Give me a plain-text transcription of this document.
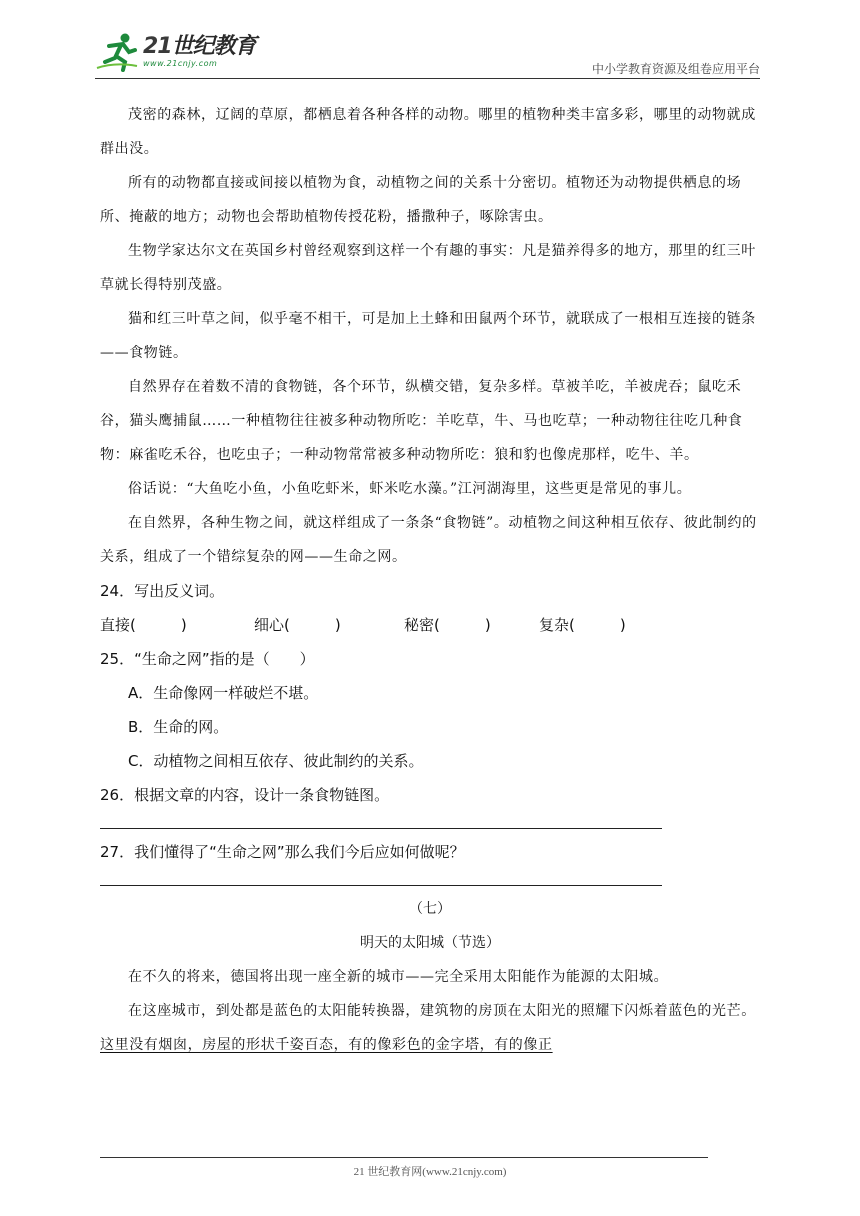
21世纪教育
www.21cnjy.com	中小学教育资源及组卷应用平台

茂密的森林，辽阔的草原，都栖息着各种各样的动物。哪里的植物种类丰富多彩，哪里的动物就成群出没。

所有的动物都直接或间接以植物为食，动植物之间的关系十分密切。植物还为动物提供栖息的场所、掩蔽的地方；动物也会帮助植物传授花粉，播撒种子，啄除害虫。

生物学家达尔文在英国乡村曾经观察到这样一个有趣的事实：凡是猫养得多的地方，那里的红三叶草就长得特别茂盛。

猫和红三叶草之间，似乎毫不相干，可是加上土蜂和田鼠两个环节，就联成了一根相互连接的链条——食物链。

自然界存在着数不清的食物链，各个环节，纵横交错，复杂多样。草被羊吃，羊被虎吞；鼠吃禾谷，猫头鹰捕鼠……一种植物往往被多种动物所吃：羊吃草，牛、马也吃草；一种动物往往吃几种食物：麻雀吃禾谷，也吃虫子；一种动物常常被多种动物所吃：狼和豹也像虎那样，吃牛、羊。

俗话说：“大鱼吃小鱼，小鱼吃虾米，虾米吃水藻。”江河湖海里，这些更是常见的事儿。

在自然界，各种生物之间，就这样组成了一条条“食物链”。动植物之间这种相互依存、彼此制约的关系，组成了一个错综复杂的网——生命之网。

24．写出反义词。

直接(　　　)	细心(　　　)	秘密(　　　)	复杂(　　　)

25．“生命之网”指的是（　　）

A．生命像网一样破烂不堪。

B．生命的网。

C．动植物之间相互依存、彼此制约的关系。

26．根据文章的内容，设计一条食物链图。

27．我们懂得了“生命之网”那么我们今后应如何做呢？

（七）

明天的太阳城（节选）

在不久的将来，德国将出现一座全新的城市——完全采用太阳能作为能源的太阳城。

在这座城市，到处都是蓝色的太阳能转换器，建筑物的房顶在太阳光的照耀下闪烁着蓝色的光芒。这里没有烟囱，房屋的形状千姿百态，有的像彩色的金字塔，有的像正

21 世纪教育网(www.21cnjy.com)
